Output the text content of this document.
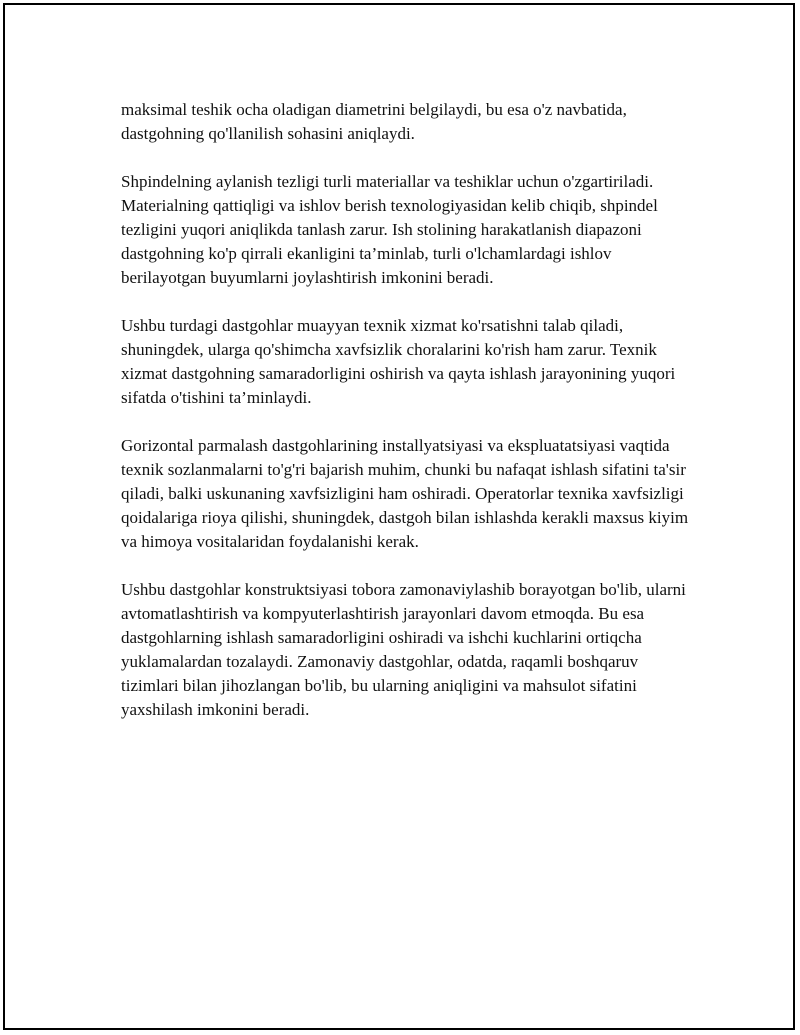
maksimal teshik ocha oladigan diametrini belgilaydi, bu esa o'z navbatida, dastgohning qo'llanilish sohasini aniqlaydi.

Shpindelning aylanish tezligi turli materiallar va teshiklar uchun o'zgartiriladi. Materialning qattiqligi va ishlov berish texnologiyasidan kelib chiqib, shpindel tezligini yuqori aniqlikda tanlash zarur. Ish stolining harakatlanish diapazoni dastgohning ko'p qirrali ekanligini ta’minlab, turli o'lchamlardagi ishlov berilayotgan buyumlarni joylashtirish imkonini beradi.

Ushbu turdagi dastgohlar muayyan texnik xizmat ko'rsatishni talab qiladi, shuningdek, ularga qo'shimcha xavfsizlik choralarini ko'rish ham zarur. Texnik xizmat dastgohning samaradorligini oshirish va qayta ishlash jarayonining yuqori sifatda o'tishini ta’minlaydi.

Gorizontal parmalash dastgohlarining installyatsiyasi va ekspluatatsiyasi vaqtida texnik sozlanmalarni to'g'ri bajarish muhim, chunki bu nafaqat ishlash sifatini ta'sir qiladi, balki uskunaning xavfsizligini ham oshiradi. Operatorlar texnika xavfsizligi qoidalariga rioya qilishi, shuningdek, dastgoh bilan ishlashda kerakli maxsus kiyim va himoya vositalaridan foydalanishi kerak.

Ushbu dastgohlar konstruktsiyasi tobora zamonaviylashib borayotgan bo'lib, ularni avtomatlashtirish va kompyuterlashtirish jarayonlari davom etmoqda. Bu esa dastgohlarning ishlash samaradorligini oshiradi va ishchi kuchlarini ortiqcha yuklamalardan tozalaydi. Zamonaviy dastgohlar, odatda, raqamli boshqaruv tizimlari bilan jihozlangan bo'lib, bu ularning aniqligini va mahsulot sifatini yaxshilash imkonini beradi.
